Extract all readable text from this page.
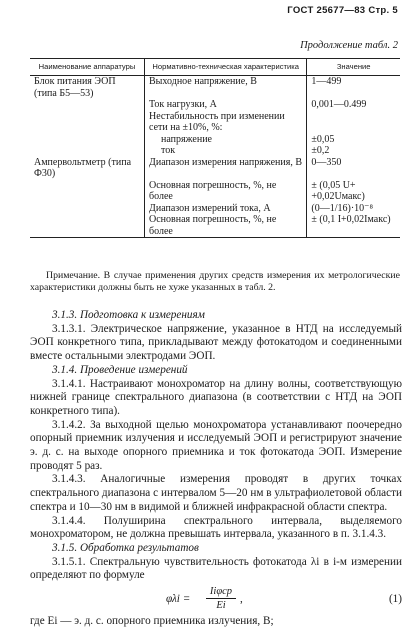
ГОСТ 25677—83 Стр. 5
Продолжение табл. 2
Наименование аппаратуры	Нормативно-техническая характеристика	Значение
Блок питания ЭОП (типа Б5—53)	Выходное напряжение, В	1—499
	Ток нагрузки, А	0,001—0.499
	Нестабильность при изменении сети на ±10%, %:	

	напряжение	±0,05

	ток	±0,2
Ампервольтметр (типа Ф30)	Диапазон измерения напряжения, В	0—350
	Основная погрешность, %, не более	± (0,05 U+ +0,02Uмакс)
	Диапазон измерений тока, А	(0—1/16)·10⁻⁸
	Основная погрешность, %, не более	± (0,1 I+0,02Iмакс)
Примечание. В случае применения других средств измерения их метрологические характеристики должны быть не хуже указанных в табл. 2.

3.1.3. Подготовка к измерениям

3.1.3.1. Электрическое напряжение, указанное в НТД на исследуемый ЭОП конкретного типа, прикладывают между фотокатодом и соединенными вместе остальными электродами ЭОП.

3.1.4. Проведение измерений

3.1.4.1. Настраивают монохроматор на длину волны, соответствующую нижней границе спектрального диапазона (в соответствии с НТД на ЭОП конкретного типа).

3.1.4.2. За выходной щелью монохроматора устанавливают поочередно опорный приемник излучения и исследуемый ЭОП и регистрируют значение э. д. с. на выходе опорного приемника и ток фотокатода ЭОП. Измерение проводят 5 раз.

3.1.4.3. Аналогичные измерения проводят в других точках спектрального диапазона с интервалом 5—20 нм в ультрафиолетовой области спектра и 10—30 нм в видимой и ближней инфракрасной области спектра.

3.1.4.4. Полуширина спектрального интервала, выделяемого монохроматором, не должна превышать интервала, указанного в п. 3.1.4.3.

3.1.5. Обработка результатов

3.1.5.1. Спектральную чувствительность фотокатода λi в i-м измерении определяют по формуле

φλi =
Iiφср
Ei
,	(1)

где Ei — э. д. с. опорного приемника излучения, В;
